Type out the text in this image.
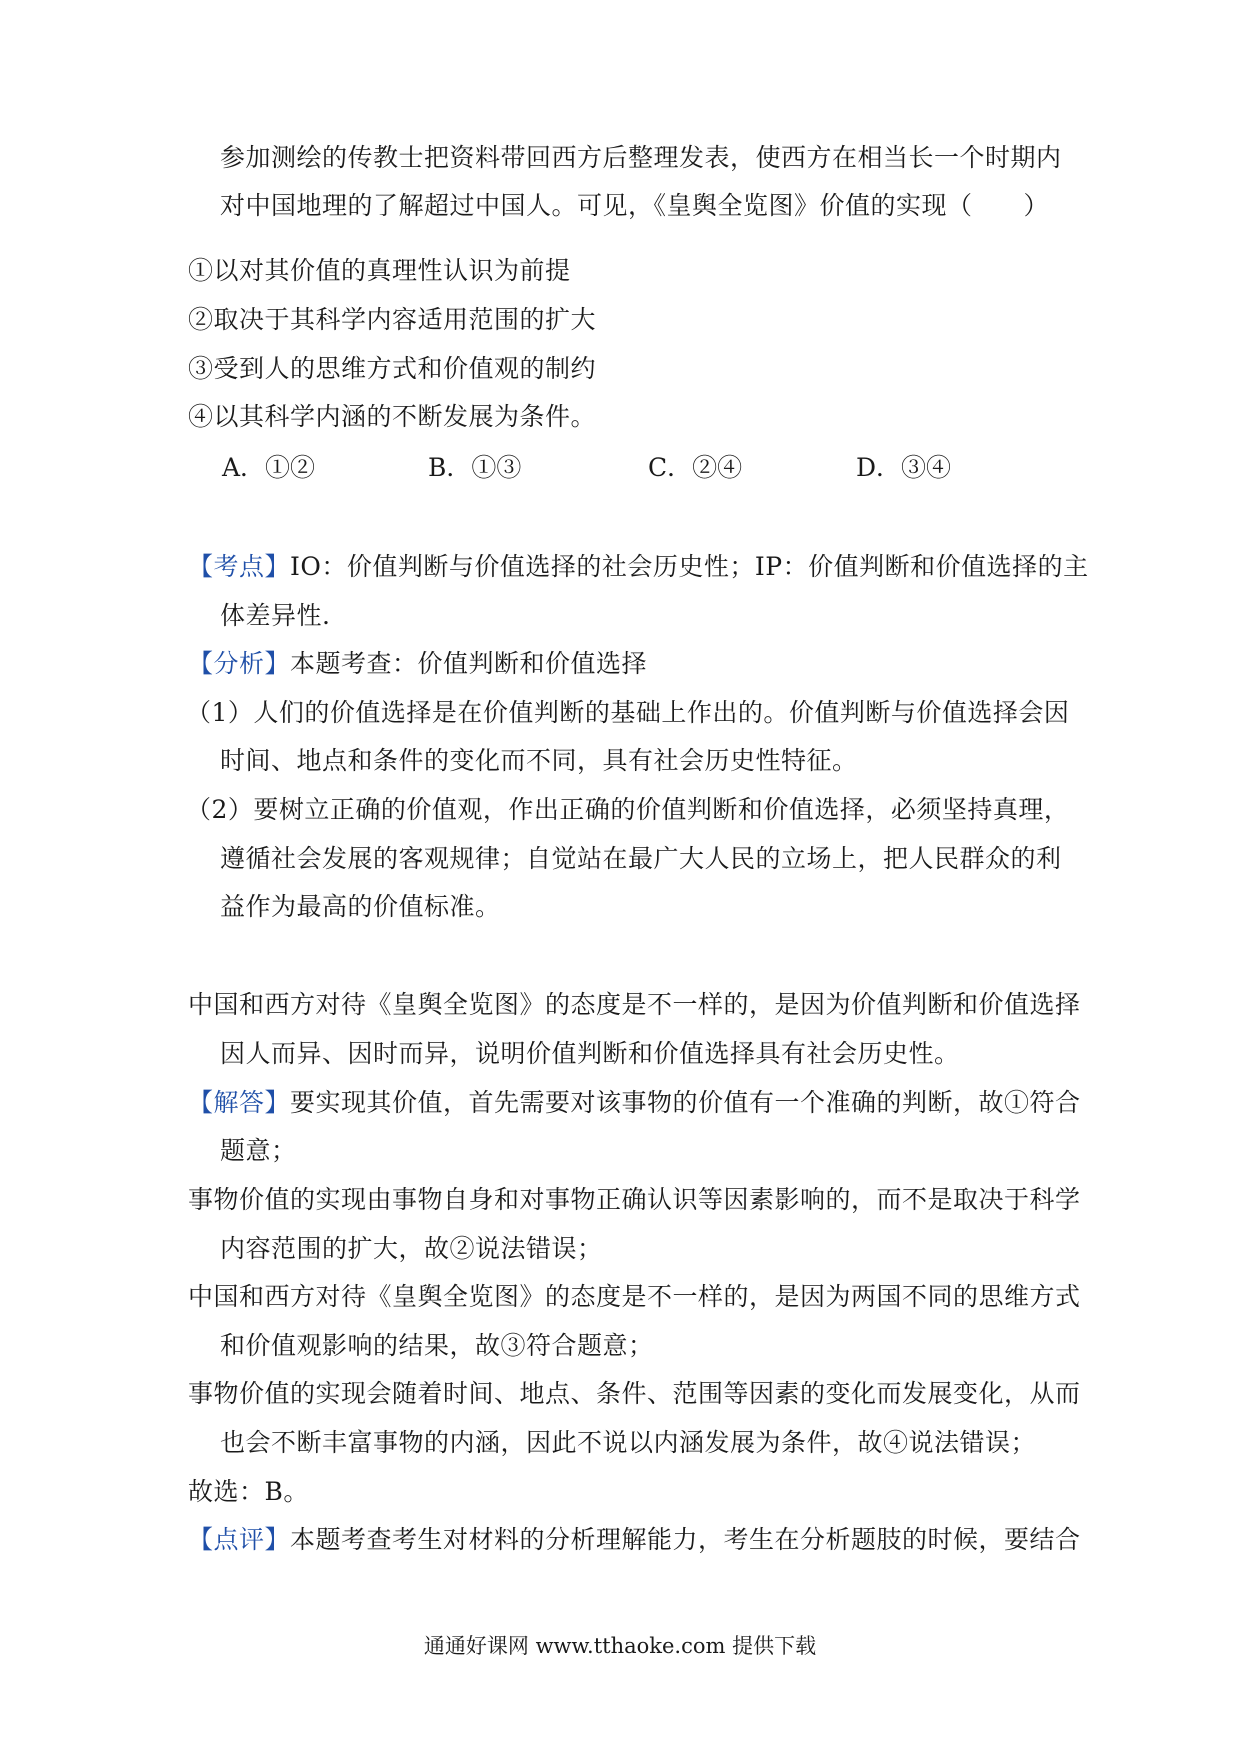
参加测绘的传教士把资料带回西方后整理发表，使西方在相当长一个时期内
对中国地理的了解超过中国人。可见，《皇舆全览图》价值的实现（　　）
①以对其价值的真理性认识为前提
②取决于其科学内容适用范围的扩大
③受到人的思维方式和价值观的制约
④以其科学内涵的不断发展为条件。
A．①②	B．①③	C．②④	D．③④
【考点】IO：价值判断与价值选择的社会历史性；IP：价值判断和价值选择的主
体差异性.
【分析】本题考查：价值判断和价值选择
（1）人们的价值选择是在价值判断的基础上作出的。价值判断与价值选择会因
时间、地点和条件的变化而不同，具有社会历史性特征。
（2）要树立正确的价值观，作出正确的价值判断和价值选择，必须坚持真理，
遵循社会发展的客观规律；自觉站在最广大人民的立场上，把人民群众的利
益作为最高的价值标准。
中国和西方对待《皇舆全览图》的态度是不一样的，是因为价值判断和价值选择
因人而异、因时而异，说明价值判断和价值选择具有社会历史性。
【解答】要实现其价值，首先需要对该事物的价值有一个准确的判断，故①符合
题意；
事物价值的实现由事物自身和对事物正确认识等因素影响的，而不是取决于科学
内容范围的扩大，故②说法错误；
中国和西方对待《皇舆全览图》的态度是不一样的，是因为两国不同的思维方式
和价值观影响的结果，故③符合题意；
事物价值的实现会随着时间、地点、条件、范围等因素的变化而发展变化，从而
也会不断丰富事物的内涵，因此不说以内涵发展为条件，故④说法错误；
故选：B。
【点评】本题考查考生对材料的分析理解能力，考生在分析题肢的时候，要结合
通通好课网 www.tthaoke.com 提供下载
